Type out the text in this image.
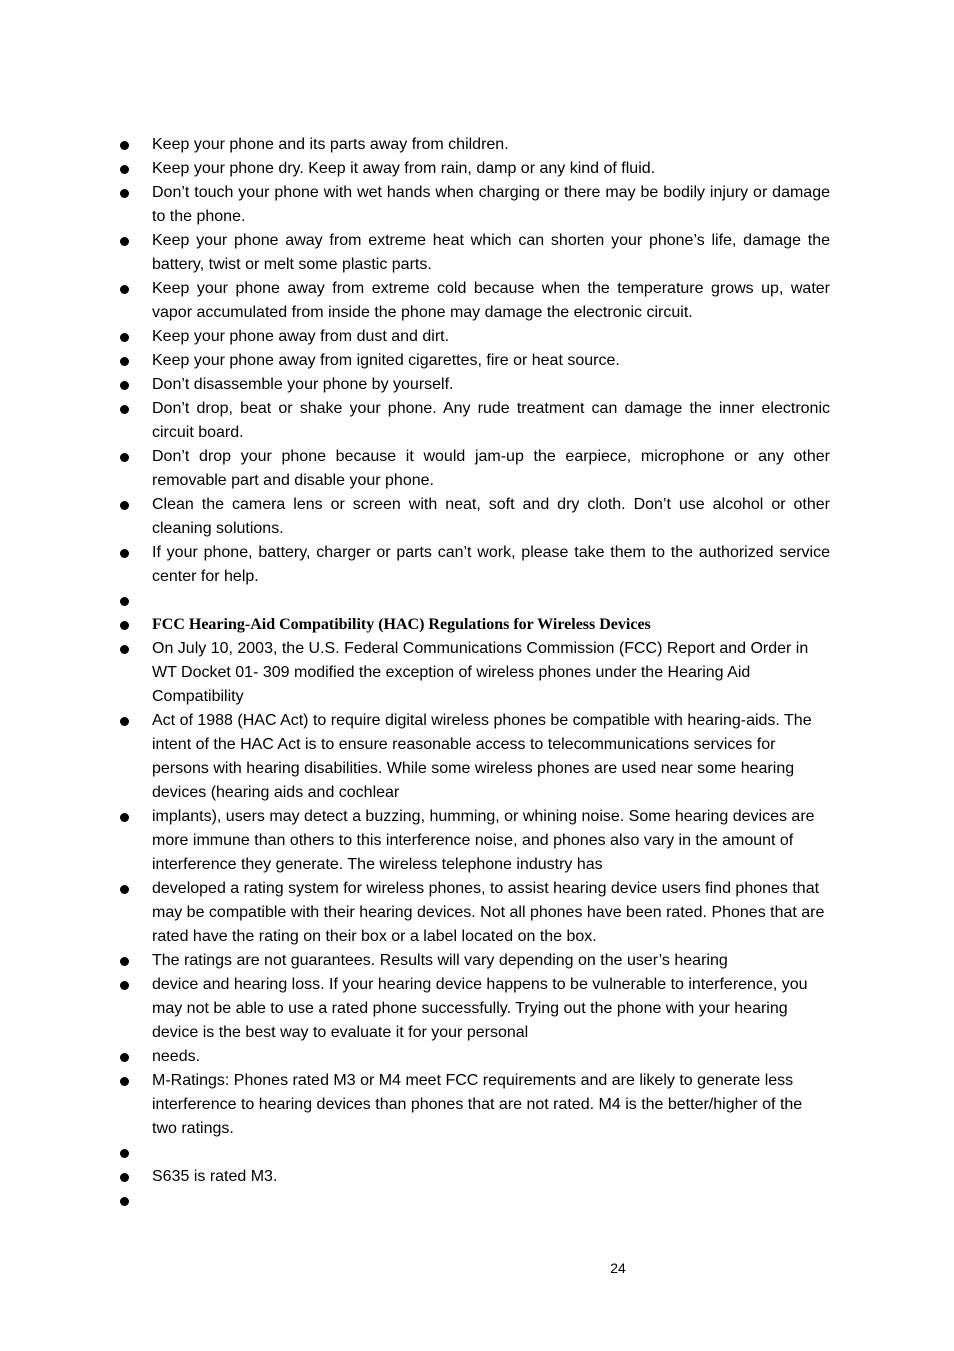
Keep your phone and its parts away from children.
Keep your phone dry. Keep it away from rain, damp or any kind of fluid.
Don’t touch your phone with wet hands when charging or there may be bodily injury or damage to the phone.
Keep your phone away from extreme heat which can shorten your phone’s life, damage the battery, twist or melt some plastic parts.
Keep your phone away from extreme cold because when the temperature grows up, water vapor accumulated from inside the phone may damage the electronic circuit.
Keep your phone away from dust and dirt.
Keep your phone away from ignited cigarettes, fire or heat source.
Don’t disassemble your phone by yourself.
Don’t drop, beat or shake your phone. Any rude treatment can damage the inner electronic circuit board.
Don’t drop your phone because it would jam-up the earpiece, microphone or any other removable part and disable your phone.
Clean the camera lens or screen with neat, soft and dry cloth. Don’t use alcohol or other cleaning solutions.
If your phone, battery, charger or parts can’t work, please take them to the authorized service center for help.
FCC Hearing-Aid Compatibility (HAC) Regulations for Wireless Devices
On July 10, 2003, the U.S. Federal Communications Commission (FCC) Report and Order in WT Docket 01- 309 modified the exception of wireless phones under the Hearing Aid Compatibility
Act of 1988 (HAC Act) to require digital wireless phones be compatible with hearing-aids. The intent of the HAC Act is to ensure reasonable access to telecommunications services for persons with hearing disabilities. While some wireless phones are used near some hearing devices (hearing aids and cochlear
implants), users may detect a buzzing, humming, or whining noise. Some hearing devices are more immune than others to this interference noise, and phones also vary in the amount of interference they generate. The wireless telephone industry has
developed a rating system for wireless phones, to assist hearing device users find phones that may be compatible with their hearing devices. Not all phones have been rated. Phones that are rated have the rating on their box or a label located on the box.
The ratings are not guarantees. Results will vary depending on the user’s hearing
device and hearing loss. If your hearing device happens to be vulnerable to interference, you may not be able to use a rated phone successfully. Trying out the phone with your hearing device is the best way to evaluate it for your personal
needs.
M-Ratings: Phones rated M3 or M4 meet FCC requirements and are likely to generate less interference to hearing devices than phones that are not rated. M4 is the better/higher of the two ratings.
S635 is rated M3.
24
